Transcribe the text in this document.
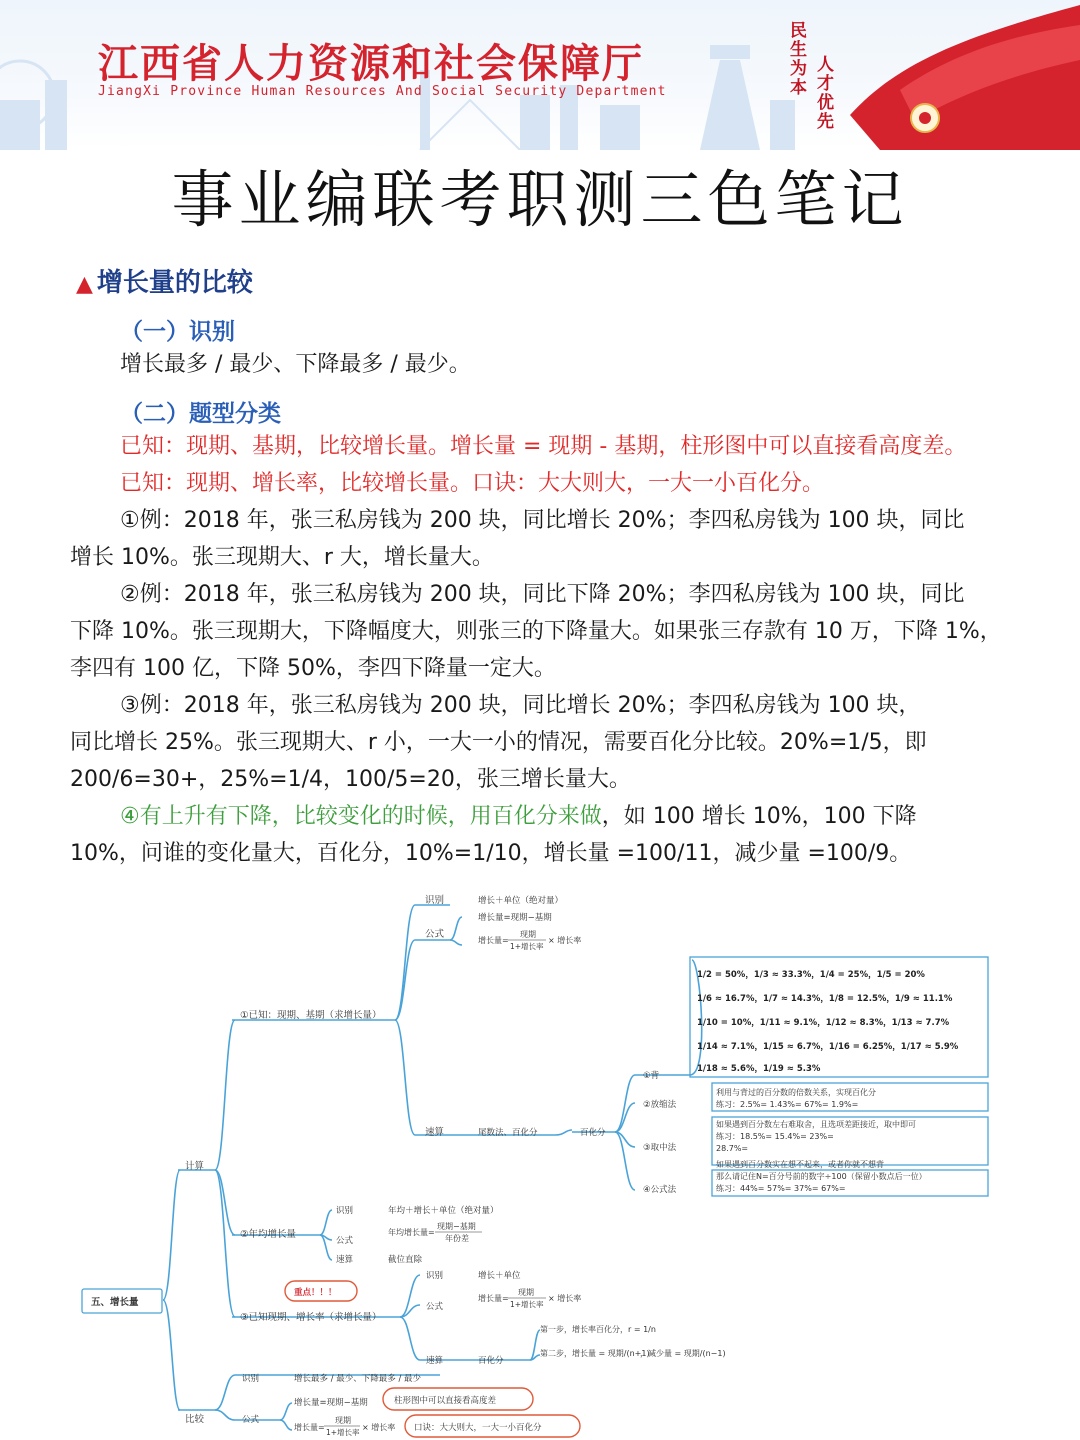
江西省人力资源和社会保障厅
JiangXi Province Human Resources And Social Security Department
民生为本
人才优先
事业编联考职测三色笔记
▲ 增长量的比较
（一）识别
增长最多 / 最少、下降最多 / 最少。
（二）题型分类
已知：现期、基期，比较增长量。增长量 = 现期 - 基期，柱形图中可以直接看高度差。
已知：现期、增长率，比较增长量。口诀：大大则大，一大一小百化分。
①例：2018 年，张三私房钱为 200 块，同比增长 20%；李四私房钱为 100 块，同比
增长 10%。张三现期大、r 大，增长量大。
②例：2018 年，张三私房钱为 200 块，同比下降 20%；李四私房钱为 100 块，同比
下降 10%。张三现期大，下降幅度大，则张三的下降量大。如果张三存款有 10 万，下降 1%，
李四有 100 亿，下降 50%，李四下降量一定大。
③例：2018 年，张三私房钱为 200 块，同比增长 20%；李四私房钱为 100 块，
同比增长 25%。张三现期大、r 小，一大一小的情况，需要百化分比较。20%=1/5，即
200/6=30+，25%=1/4，100/5=20，张三增长量大。
④有上升有下降，比较变化的时候，用百化分来做，如 100 增长 10%，100 下降
10%，问谁的变化量大，百化分，10%=1/10，增长量 =100/11，减少量 =100/9。
五、增长量
计算
比较
①已知：现期、基期（求增长量）
识别	增长＋单位（绝对量）
公式
增长量=现期−基期
增长量=
现期
1+增长率
× 增长率
速算	尾数法、百化分	百化分
①背
1/2 = 50%，1/3 ≈ 33.3%，1/4 = 25%，1/5 = 20%
1/6 ≈ 16.7%，1/7 ≈ 14.3%，1/8 = 12.5%，1/9 ≈ 11.1%
1/10 = 10%，1/11 ≈ 9.1%，1/12 ≈ 8.3%，1/13 ≈ 7.7%
1/14 ≈ 7.1%，1/15 ≈ 6.7%，1/16 = 6.25%，1/17 ≈ 5.9%
1/18 ≈ 5.6%，1/19 ≈ 5.3%
②放缩法
利用与背过的百分数的倍数关系，实现百化分
练习：2.5%= 1.43%= 67%= 1.9%=
③取中法
如果遇到百分数左右难取舍，且选项差距接近，取中即可
练习：18.5%= 15.4%= 23%=
28.7%=
④公式法
如果遇到百分数实在想不起来，或者你就不想背
那么请记住N=百分号前的数字÷100（保留小数点后一位）
练习：44%= 57%= 37%= 67%=
②年均增长量
识别	年均＋增长＋单位（绝对量）
公式
年均增长量=
现期−基期
年份差
速算	截位直除
重点！！！
③已知现期、增长率（求增长量）
识别	增长＋单位
公式
增长量=
现期
1+增长率
× 增长率
速算	百化分
第一步，增长率百化分，r = 1/n
第二步，增长量 = 现期/(n+1)
，减少量 = 现期/(n−1)
识别	增长最多 / 最少、下降最多 / 最少
公式
增长量=现期−基期	柱形图中可以直接看高度差
增长量=
现期
1+增长率
× 增长率 口诀：大大则大，一大一小百化分
